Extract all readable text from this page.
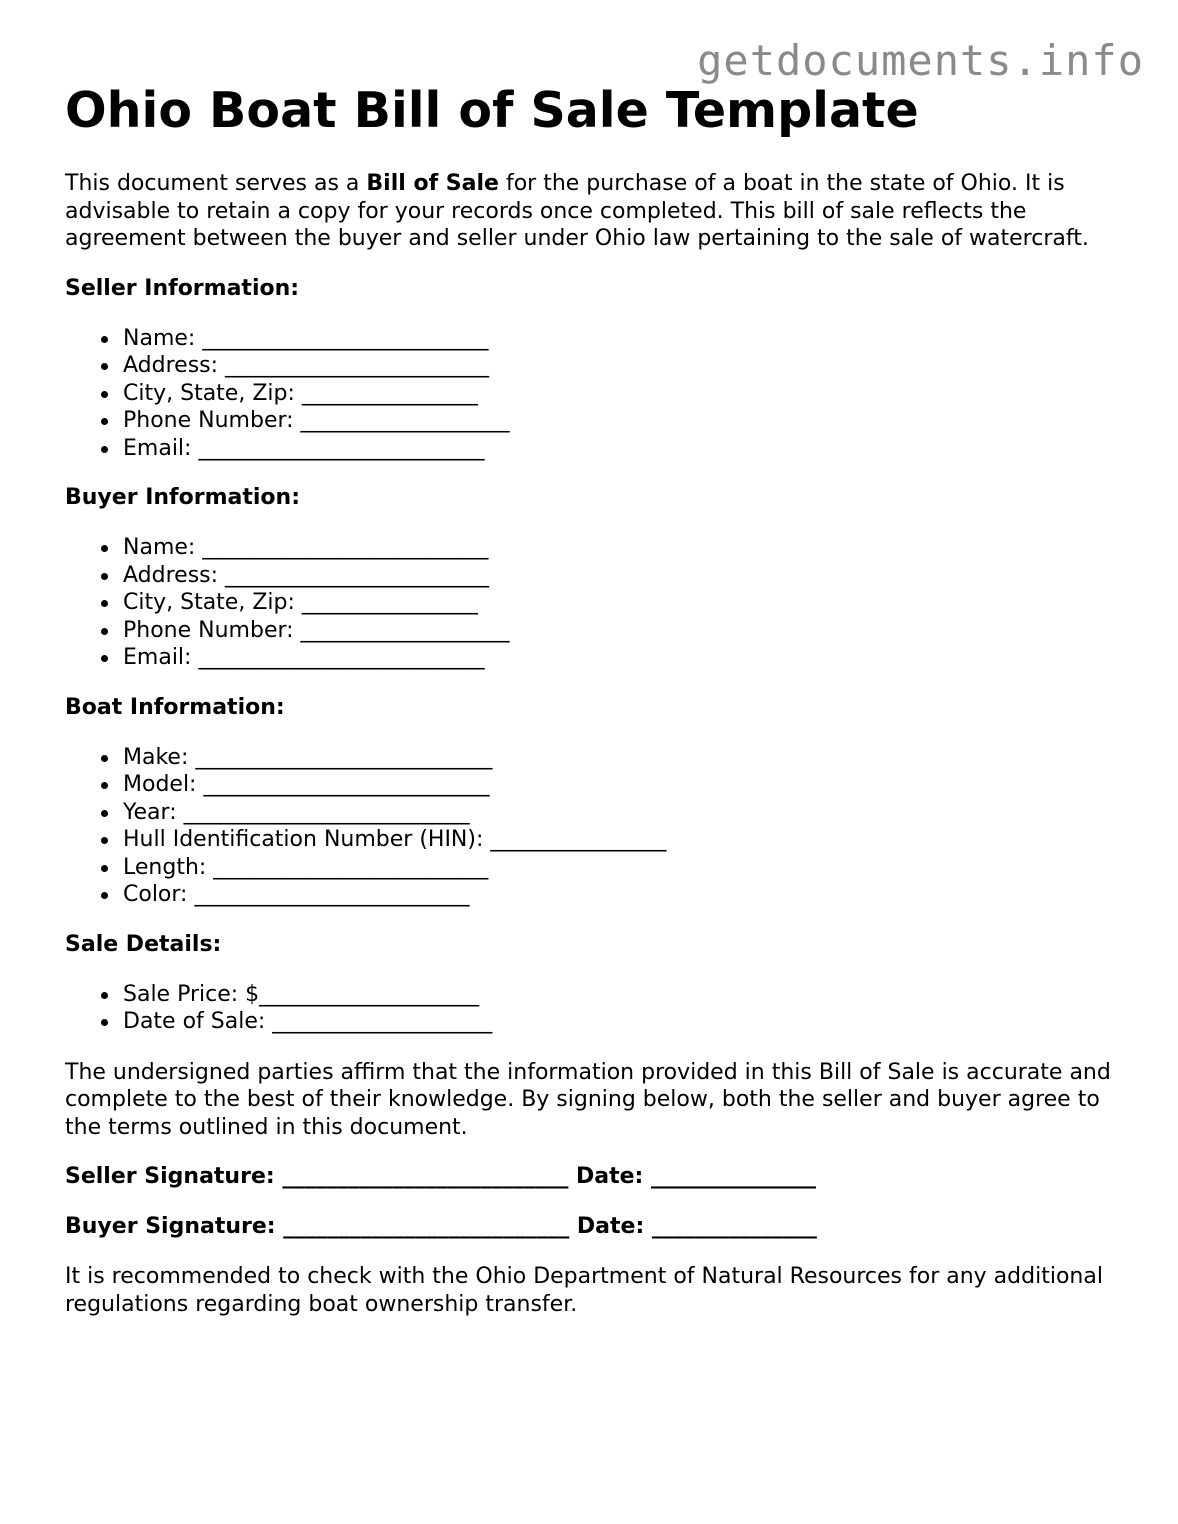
getdocuments.info
Ohio Boat Bill of Sale Template

This document serves as a Bill of Sale for the purchase of a boat in the state of Ohio. It is advisable to retain a copy for your records once completed. This bill of sale reflects the agreement between the buyer and seller under Ohio law pertaining to the sale of watercraft.

Seller Information:
Name: __________________________
Address: ________________________
City, State, Zip: ________________
Phone Number: ___________________
Email: __________________________
Buyer Information:
Name: __________________________
Address: ________________________
City, State, Zip: ________________
Phone Number: ___________________
Email: __________________________
Boat Information:
Make: ___________________________
Model: __________________________
Year: __________________________
Hull Identification Number (HIN): ________________
Length: _________________________
Color: _________________________
Sale Details:
Sale Price: $____________________
Date of Sale: ____________________

The undersigned parties affirm that the information provided in this Bill of Sale is accurate and complete to the best of their knowledge. By signing below, both the seller and buyer agree to the terms outlined in this document.

Seller Signature: __________________________ Date: _______________
Buyer Signature: __________________________ Date: _______________

It is recommended to check with the Ohio Department of Natural Resources for any additional regulations regarding boat ownership transfer.
